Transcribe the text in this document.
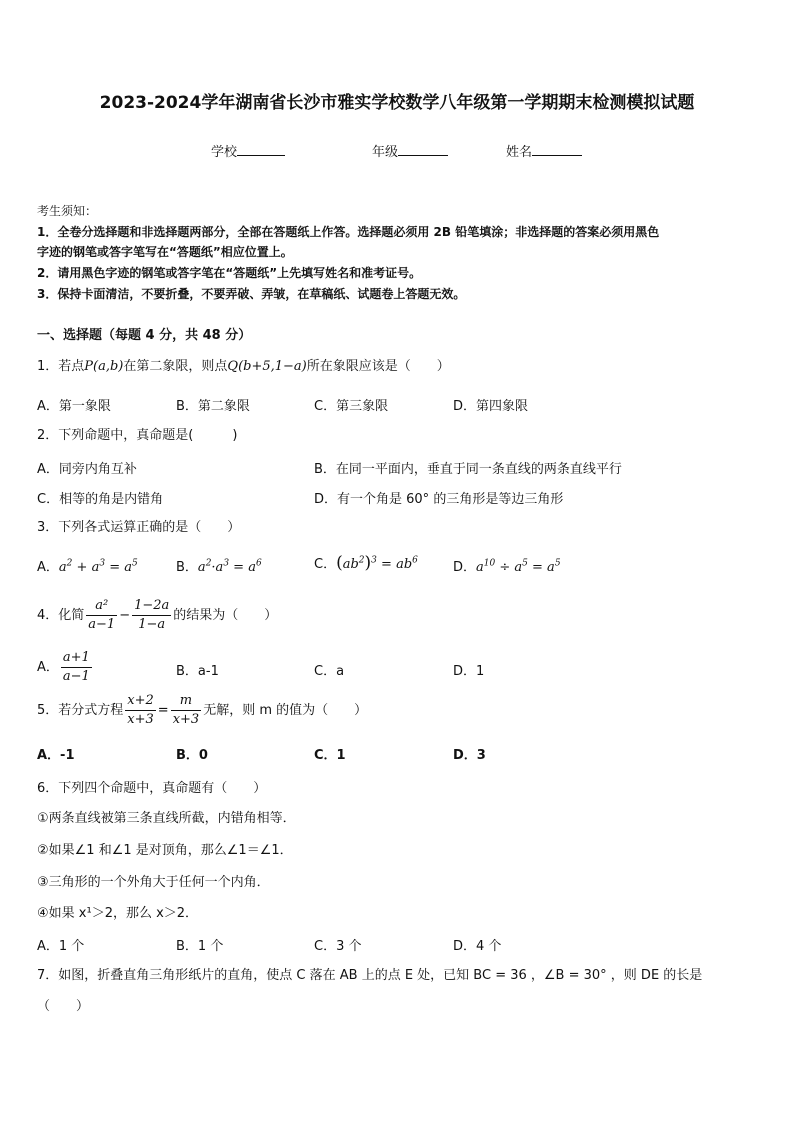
2023-2024学年湖南省长沙市雅实学校数学八年级第一学期期末检测模拟试题
学校	年级	姓名
考生须知：
1．全卷分选择题和非选择题两部分，全部在答题纸上作答。选择题必须用 2B 铅笔填涂；非选择题的答案必须用黑色
字迹的钢笔或答字笔写在“答题纸”相应位置上。
2．请用黑色字迹的钢笔或答字笔在“答题纸”上先填写姓名和准考证号。
3．保持卡面清洁，不要折叠，不要弄破、弄皱，在草稿纸、试题卷上答题无效。
一、选择题（每题 4 分，共 48 分）
1．若点P(a,b)在第二象限，则点Q(b+5,1−a)所在象限应该是（　　）
A．第一象限	B．第二象限	C．第三象限	D．第四象限
2．下列命题中，真命题是(　　　)
A．同旁内角互补	B．在同一平面内，垂直于同一条直线的两条直线平行
C．相等的角是内错角	D．有一个角是 60° 的三角形是等边三角形
3．下列各式运算正确的是（　　）
A．$a^2 + a^3 = a^5$	B．$a^2\cdot a^3 = a^6$	C．$(ab^2)^3 = ab^6$	D．$a^{10} \div a^5 = a^5$
4．化简 $\frac{\text{a²}}{a-1} - \frac{1-2a}{1-a}$ 的结果为（　　）
A． $\frac{a+1}{a-1}$	B．a-1	C．a	D．1
5．若分式方程 $\frac{x+2}{x+3} = \frac{m}{x+3}$ 无解，则 m 的值为（　　）
A．-1	B．0	C．1	D．3
6．下列四个命题中，真命题有（　　）
①两条直线被第三条直线所截，内错角相等．
②如果∠1 和∠1 是对顶角，那么∠1＝∠1．
③三角形的一个外角大于任何一个内角．
④如果 x¹＞2，那么 x＞2．
A．1 个	B．1 个	C．3 个	D．4 个
7．如图，折叠直角三角形纸片的直角，使点 C 落在 AB 上的点 E 处，已知 BC = 36 ，∠B = 30° ，则 DE 的长是
（　　）
